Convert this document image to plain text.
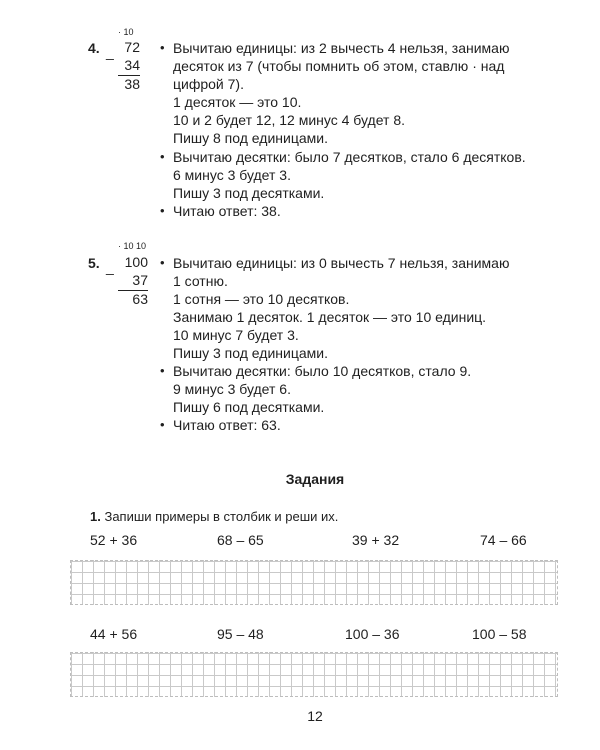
4.
· 10
_ 72
34
38
•
•
•
Вычитаю единицы: из 2 вычесть 4 нельзя, занимаю
десяток из 7 (чтобы помнить об этом, ставлю · над
цифрой 7).
1 десяток — это 10.
10 и 2 будет 12, 12 минус 4 будет 8.
Пишу 8 под единицами.
Вычитаю десятки: было 7 десятков, стало 6 десятков.
6 минус 3 будет 3.
Пишу 3 под десятками.
Читаю ответ: 38.
5.
· 10 10
_ 100
37
63
•
•
•
Вычитаю единицы: из 0 вычесть 7 нельзя, занимаю
1 сотню.
1 сотня — это 10 десятков.
Занимаю 1 десяток. 1 десяток — это 10 единиц.
10 минус 7 будет 3.
Пишу 3 под единицами.
Вычитаю десятки: было 10 десятков, стало 9.
9 минус 3 будет 6.
Пишу 6 под десятками.
Читаю ответ: 63.
Задания
1. Запиши примеры в столбик и реши их.
52 + 36	68 – 65	39 + 32	74 – 66
44 + 56	95 – 48	100 – 36	100 – 58
12
